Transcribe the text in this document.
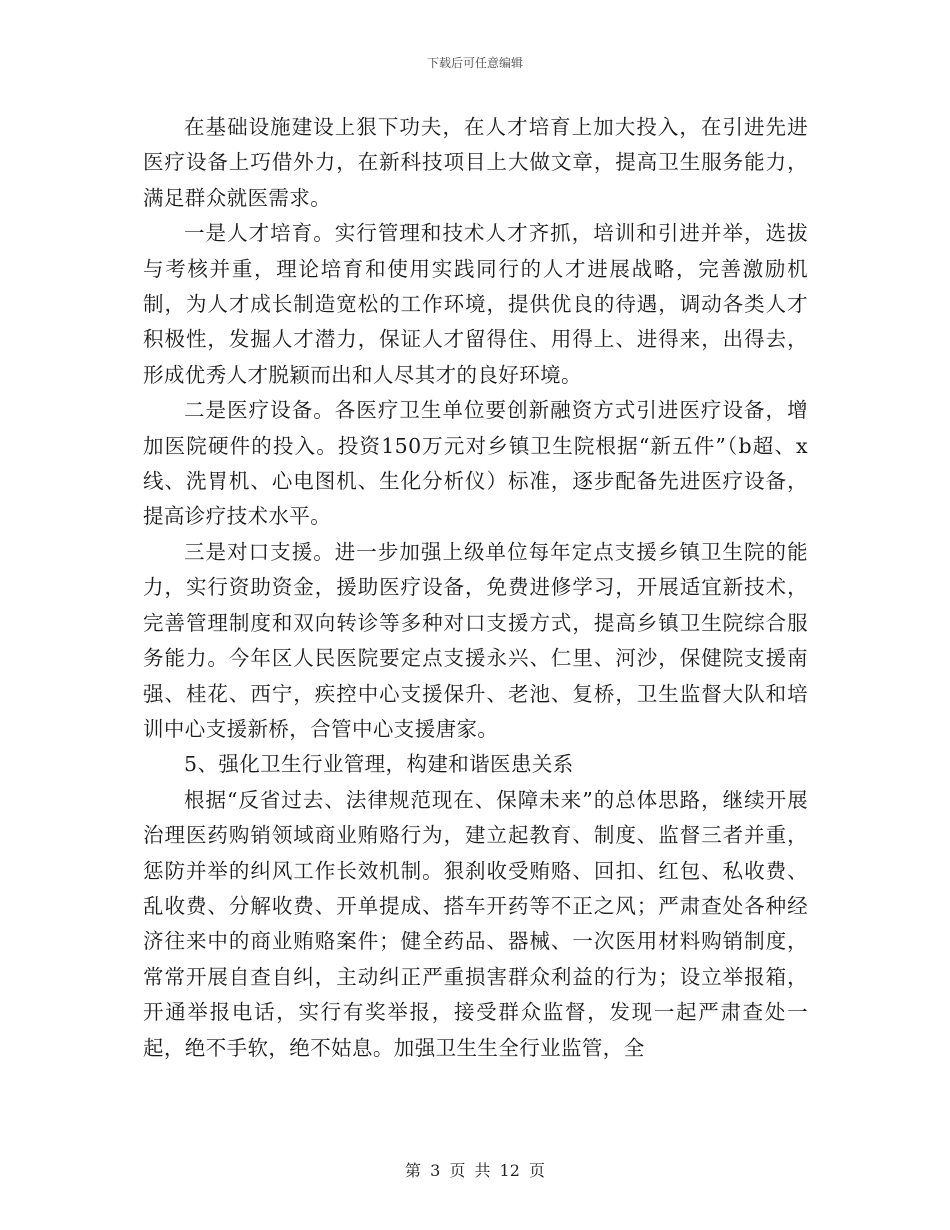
下载后可任意编辑

在基础设施建设上狠下功夫，在人才培育上加大投入，在引进先进医疗设备上巧借外力，在新科技项目上大做文章，提高卫生服务能力，满足群众就医需求。

一是人才培育。实行管理和技术人才齐抓，培训和引进并举，选拔与考核并重，理论培育和使用实践同行的人才进展战略，完善激励机制，为人才成长制造宽松的工作环境，提供优良的待遇，调动各类人才积极性，发掘人才潜力，保证人才留得住、用得上、进得来，出得去，形成优秀人才脱颖而出和人尽其才的良好环境。

二是医疗设备。各医疗卫生单位要创新融资方式引进医疗设备，增加医院硬件的投入。投资150万元对乡镇卫生院根据“新五件”（b超、x线、洗胃机、心电图机、生化分析仪）标准，逐步配备先进医疗设备，提高诊疗技术水平。

三是对口支援。进一步加强上级单位每年定点支援乡镇卫生院的能力，实行资助资金，援助医疗设备，免费进修学习，开展适宜新技术，完善管理制度和双向转诊等多种对口支援方式，提高乡镇卫生院综合服务能力。今年区人民医院要定点支援永兴、仁里、河沙，保健院支援南强、桂花、西宁，疾控中心支援保升、老池、复桥，卫生监督大队和培训中心支援新桥，合管中心支援唐家。

5、强化卫生行业管理，构建和谐医患关系

根据“反省过去、法律规范现在、保障未来”的总体思路，继续开展治理医药购销领域商业贿赂行为，建立起教育、制度、监督三者并重，惩防并举的纠风工作长效机制。狠刹收受贿赂、回扣、红包、私收费、乱收费、分解收费、开单提成、搭车开药等不正之风；严肃查处各种经济往来中的商业贿赂案件；健全药品、器械、一次医用材料购销制度，常常开展自查自纠，主动纠正严重损害群众利益的行为；设立举报箱，开通举报电话，实行有奖举报，接受群众监督，发现一起严肃查处一起，绝不手软，绝不姑息。加强卫生生全行业监管，全

第 3 页 共 12 页
